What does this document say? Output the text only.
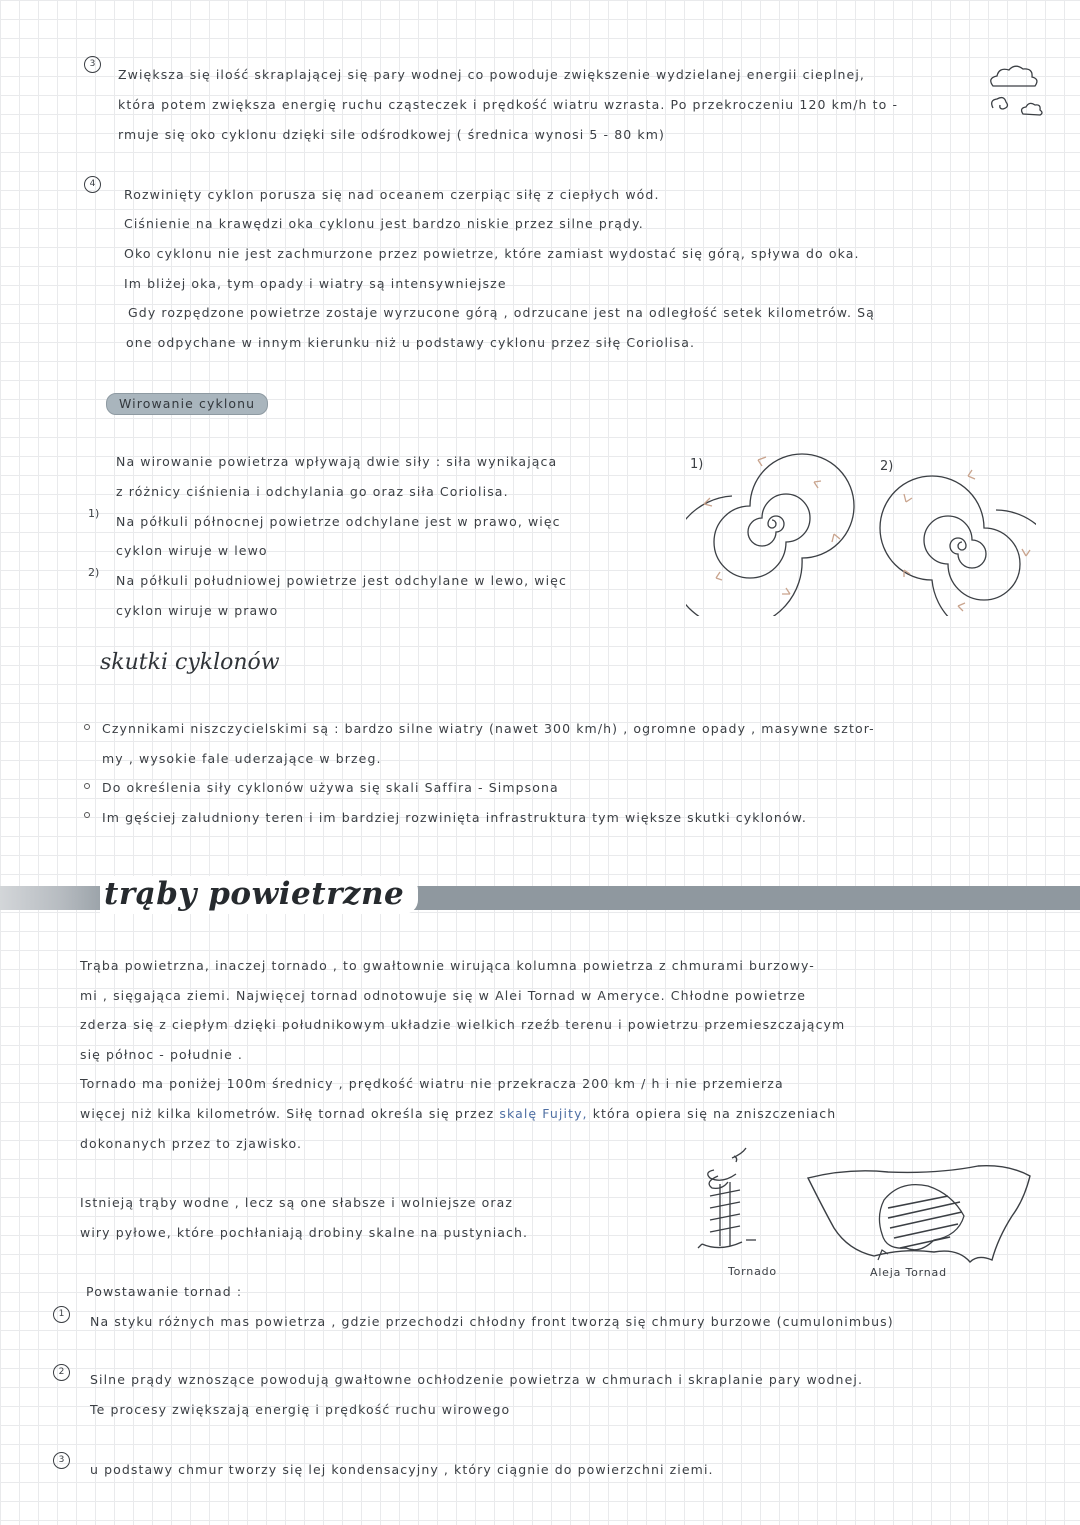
3
Zwiększa się ilość skraplającej się pary wodnej co powoduje zwiększenie wydzielanej energii cieplnej,
która potem zwiększa energię ruchu cząsteczek i prędkość wiatru wzrasta. Po przekroczeniu 120 km/h to -
rmuje się oko cyklonu dzięki sile odśrodkowej ( średnica wynosi 5 - 80 km)
4
Rozwinięty cyklon porusza się nad oceanem czerpiąc siłę z ciepłych wód.
Ciśnienie na krawędzi oka cyklonu jest bardzo niskie przez silne prądy.
Oko cyklonu nie jest zachmurzone przez powietrze, które zamiast wydostać się górą, spływa do oka.
Im bliżej oka, tym opady i wiatry są intensywniejsze
Gdy rozpędzone powietrze zostaje wyrzucone górą , odrzucane jest na odległość setek kilometrów. Są
one odpychane w innym kierunku niż u podstawy cyklonu przez siłę Coriolisa.
Wirowanie cyklonu
Na wirowanie powietrza wpływają dwie siły : siła wynikająca
z różnicy ciśnienia i odchylania go oraz siła Coriolisa.
1)
Na półkuli północnej powietrze odchylane jest w prawo, więc
cyklon wiruje w lewo
2)
Na półkuli południowej powietrze jest odchylane w lewo, więc
cyklon wiruje w prawo
1)	2)
skutki cyklonów
Czynnikami niszczycielskimi są : bardzo silne wiatry (nawet 300 km/h) , ogromne opady , masywne sztor-
my , wysokie fale uderzające w brzeg.
Do określenia siły cyklonów używa się skali Saffira - Simpsona
Im gęściej zaludniony teren i im bardziej rozwinięta infrastruktura tym większe skutki cyklonów.
trąby powietrzne
Trąba powietrzna, inaczej tornado , to gwałtownie wirująca kolumna powietrza z chmurami burzowy-
mi , sięgająca ziemi. Najwięcej tornad odnotowuje się w Alei Tornad w Ameryce. Chłodne powietrze
zderza się z ciepłym dzięki południkowym układzie wielkich rzeźb terenu i powietrzu przemieszczającym
się północ - południe .
Tornado ma poniżej 100m średnicy , prędkość wiatru nie przekracza 200 km / h i nie przemierza
więcej niż kilka kilometrów. Siłę tornad określa się przez skalę Fujity, która opiera się na zniszczeniach
dokonanych przez to zjawisko.
Istnieją trąby wodne , lecz są one słabsze i wolniejsze oraz
wiry pyłowe, które pochłaniają drobiny skalne na pustyniach.
Tornado	Aleja Tornad
Powstawanie tornad :
1	Na styku różnych mas powietrza , gdzie przechodzi chłodny front tworzą się chmury burzowe (cumulonimbus)
2	Silne prądy wznoszące powodują gwałtowne ochłodzenie powietrza w chmurach i skraplanie pary wodnej.
Te procesy zwiększają energię i prędkość ruchu wirowego
3
u podstawy chmur tworzy się lej kondensacyjny , który ciągnie do powierzchni ziemi.
